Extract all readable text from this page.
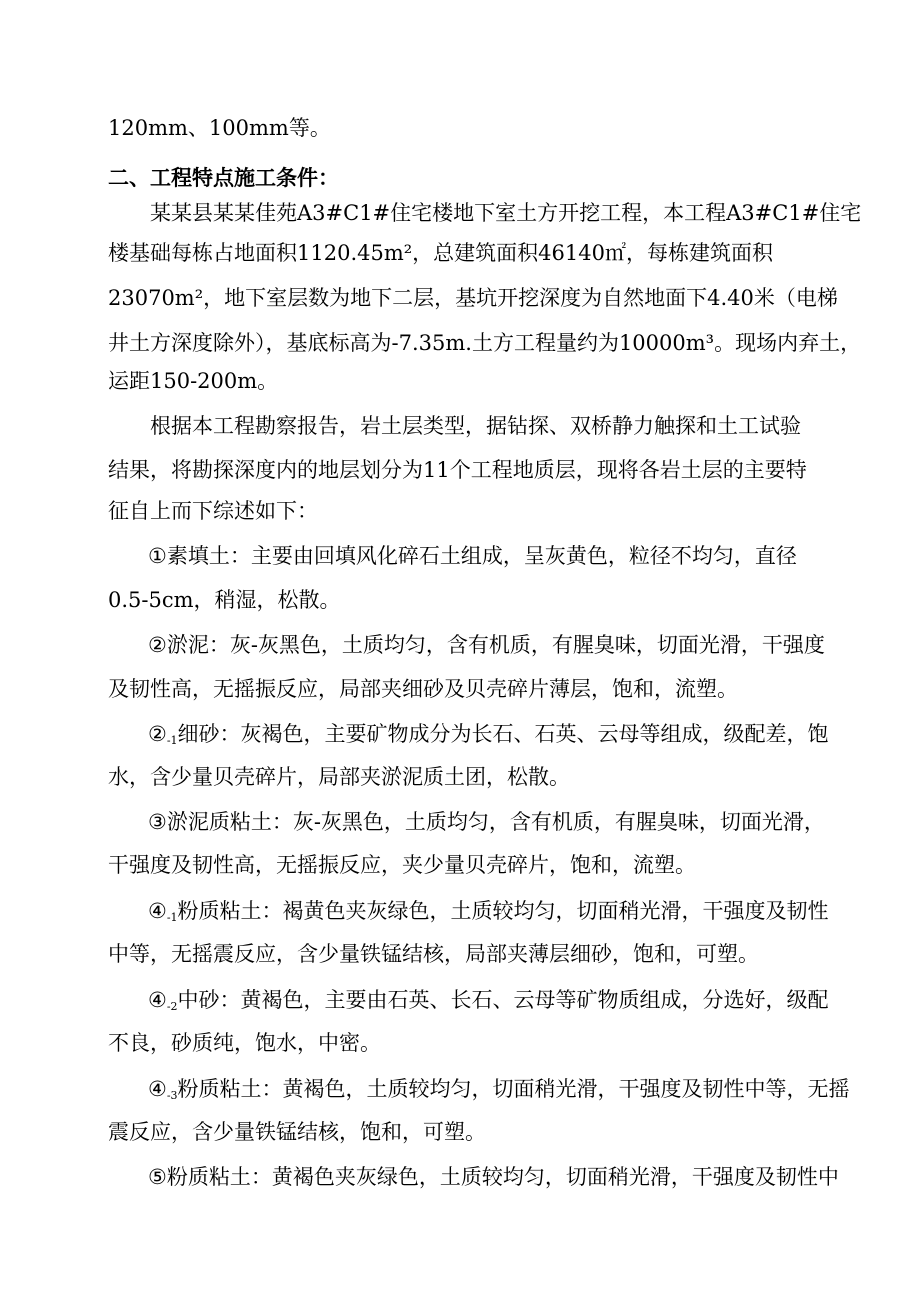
120mm、100mm等。
二、工程特点施工条件：
某某县某某佳苑A3#C1#住宅楼地下室土方开挖工程，本工程A3#C1#住宅
楼基础每栋占地面积1120.45m²，总建筑面积46140㎡，每栋建筑面积
23070m²，地下室层数为地下二层，基坑开挖深度为自然地面下4.40米（电梯
井土方深度除外），基底标高为-7.35m.土方工程量约为10000m³。现场内弃土，
运距150-200m。
根据本工程勘察报告，岩土层类型，据钻探、双桥静力触探和土工试验
结果，将勘探深度内的地层划分为11个工程地质层，现将各岩土层的主要特
征自上而下综述如下：
①素填土：主要由回填风化碎石土组成，呈灰黄色，粒径不均匀，直径
0.5-5cm，稍湿，松散。
②淤泥：灰-灰黑色，土质均匀，含有机质，有腥臭味，切面光滑，干强度
及韧性高，无摇振反应，局部夹细砂及贝壳碎片薄层，饱和，流塑。
$②_{-1}$细砂：灰褐色，主要矿物成分为长石、石英、云母等组成，级配差，饱
水，含少量贝壳碎片，局部夹淤泥质土团，松散。
③淤泥质粘土：灰-灰黑色，土质均匀，含有机质，有腥臭味，切面光滑，
干强度及韧性高，无摇振反应，夹少量贝壳碎片，饱和，流塑。
$④_{-1}$粉质粘土：褐黄色夹灰绿色，土质较均匀，切面稍光滑，干强度及韧性
中等，无摇震反应，含少量铁锰结核，局部夹薄层细砂，饱和，可塑。
$④_{-2}$中砂：黄褐色，主要由石英、长石、云母等矿物质组成，分选好，级配
不良，砂质纯，饱水，中密。
$④_{-3}$粉质粘土：黄褐色，土质较均匀，切面稍光滑，干强度及韧性中等，无摇
震反应，含少量铁锰结核，饱和，可塑。
⑤粉质粘土：黄褐色夹灰绿色，土质较均匀，切面稍光滑，干强度及韧性中
